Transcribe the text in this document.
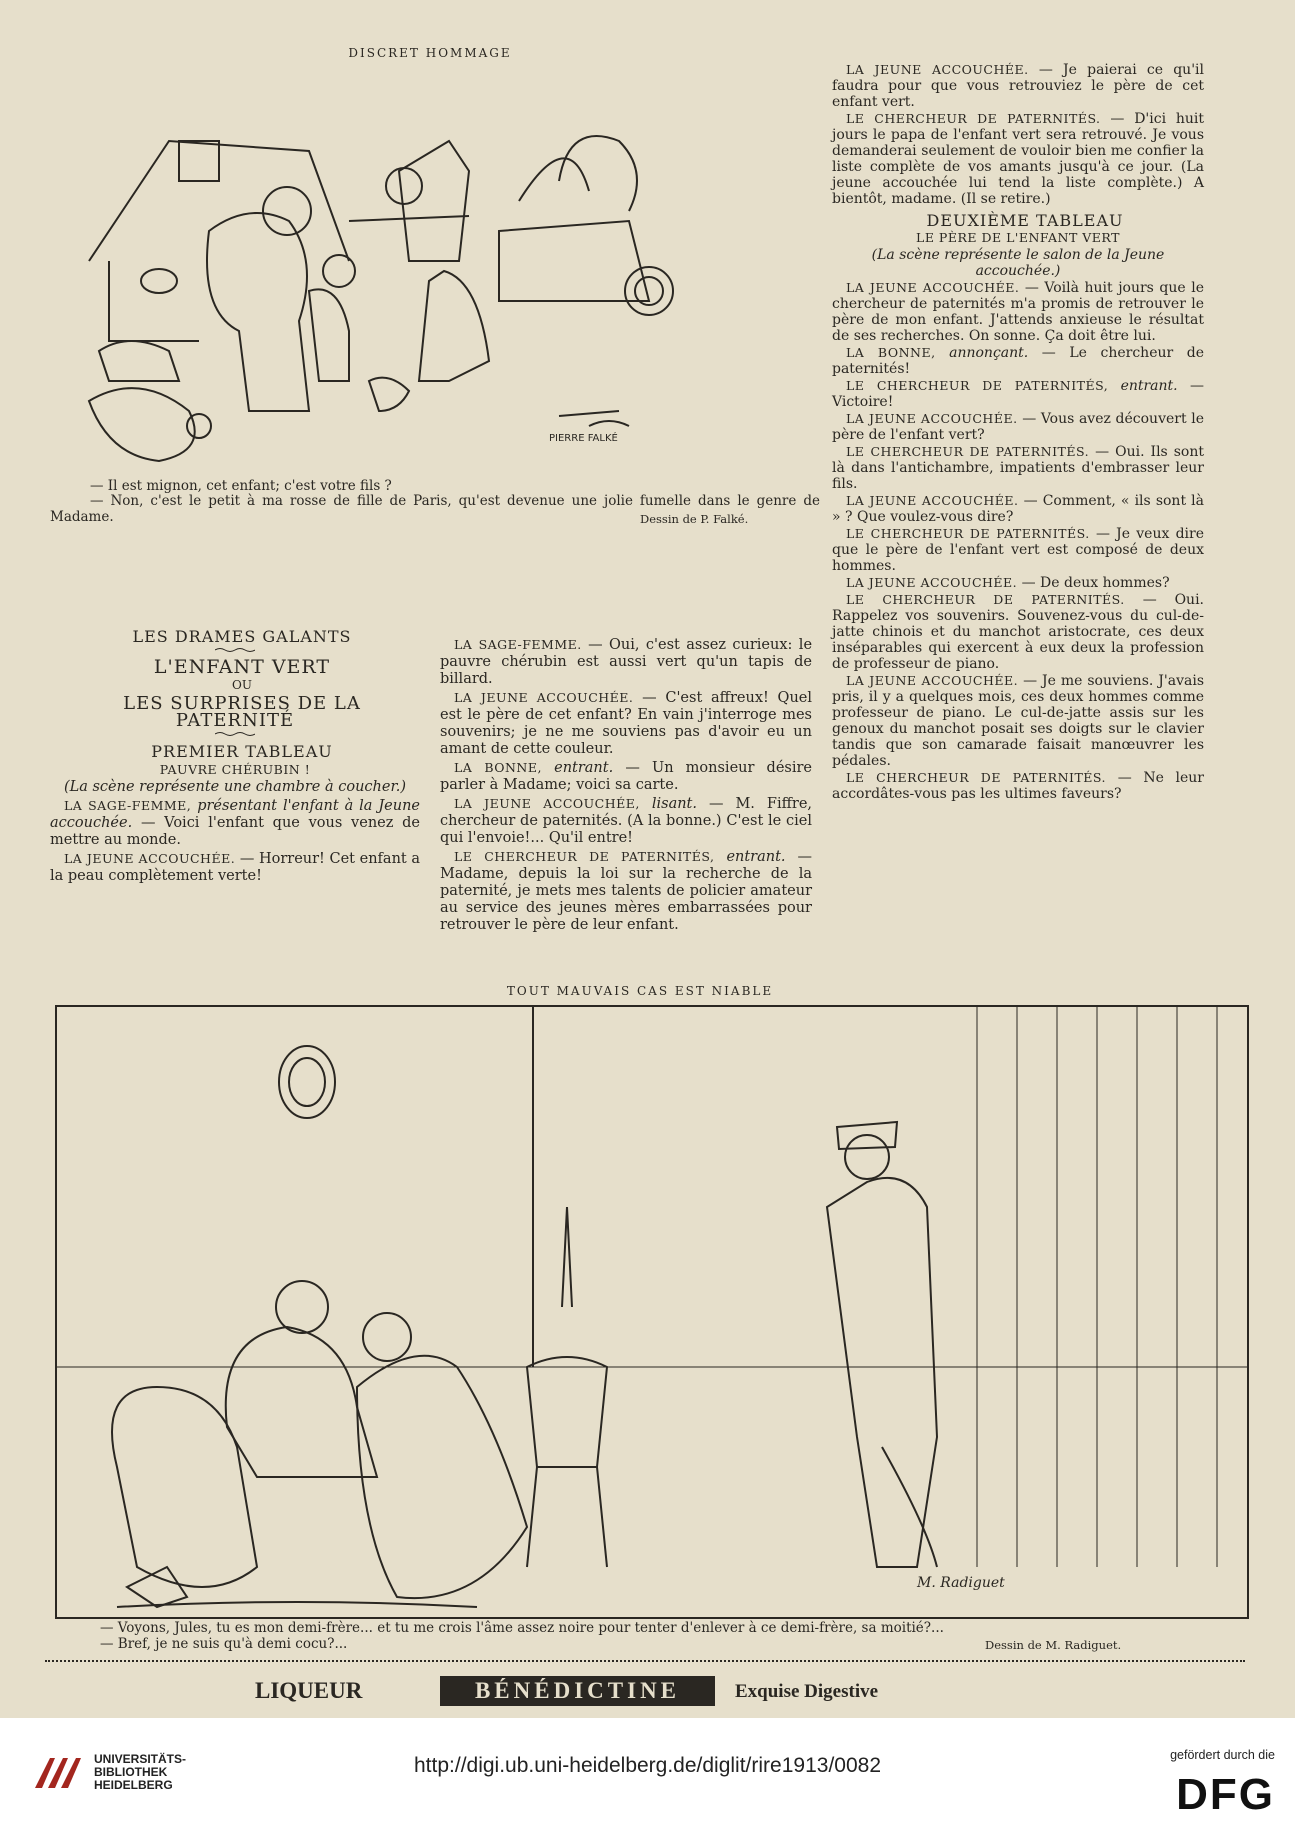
DISCRET HOMMAGE
PIERRE FALKÉ
— Il est mignon, cet enfant; c'est votre fils ?
— Non, c'est le petit à ma rosse de fille de Paris, qu'est devenue une jolie fumelle dans le genre de Madame.	Dessin de P. Falké.

LES DRAMES GALANTS

L'ENFANT VERT

OU

LES SURPRISES DE LA PATERNITÉ

PREMIER TABLEAU

PAUVRE CHÉRUBIN !

(La scène représente une chambre à coucher.)

LA SAGE-FEMME, présentant l'enfant à la Jeune accouchée. — Voici l'enfant que vous venez de mettre au monde.

LA JEUNE ACCOUCHÉE. — Horreur! Cet enfant a la peau complètement verte!

LA SAGE-FEMME. — Oui, c'est assez curieux: le pauvre chérubin est aussi vert qu'un tapis de billard.

LA JEUNE ACCOUCHÉE. — C'est affreux! Quel est le père de cet enfant? En vain j'interroge mes souvenirs; je ne me souviens pas d'avoir eu un amant de cette couleur.

LA BONNE, entrant. — Un monsieur désire parler à Madame; voici sa carte.

LA JEUNE ACCOUCHÉE, lisant. — M. Fiffre, chercheur de paternités. (A la bonne.) C'est le ciel qui l'envoie!... Qu'il entre!

LE CHERCHEUR DE PATERNITÉS, entrant. — Madame, depuis la loi sur la recherche de la paternité, je mets mes talents de policier amateur au service des jeunes mères embarrassées pour retrouver le père de leur enfant.

LA JEUNE ACCOUCHÉE. — Je paierai ce qu'il faudra pour que vous retrouviez le père de cet enfant vert.

LE CHERCHEUR DE PATERNITÉS. — D'ici huit jours le papa de l'enfant vert sera retrouvé. Je vous demanderai seulement de vouloir bien me confier la liste complète de vos amants jusqu'à ce jour. (La jeune accouchée lui tend la liste complète.) A bientôt, madame. (Il se retire.)

DEUXIÈME TABLEAU

LE PÈRE DE L'ENFANT VERT

(La scène représente le salon de la Jeune accouchée.)

LA JEUNE ACCOUCHÉE. — Voilà huit jours que le chercheur de paternités m'a promis de retrouver le père de mon enfant. J'attends anxieuse le résultat de ses recherches. On sonne. Ça doit être lui.

LA BONNE, annonçant. — Le chercheur de paternités!

LE CHERCHEUR DE PATERNITÉS, entrant. — Victoire!

LA JEUNE ACCOUCHÉE. — Vous avez découvert le père de l'enfant vert?

LE CHERCHEUR DE PATERNITÉS. — Oui. Ils sont là dans l'antichambre, impatients d'embrasser leur fils.

LA JEUNE ACCOUCHÉE. — Comment, « ils sont là » ? Que voulez-vous dire?

LE CHERCHEUR DE PATERNITÉS. — Je veux dire que le père de l'enfant vert est composé de deux hommes.

LA JEUNE ACCOUCHÉE. — De deux hommes?

LE CHERCHEUR DE PATERNITÉS. — Oui. Rappelez vos souvenirs. Souvenez-vous du cul-de-jatte chinois et du manchot aristocrate, ces deux inséparables qui exercent à eux deux la profession de professeur de piano.

LA JEUNE ACCOUCHÉE. — Je me souviens. J'avais pris, il y a quelques mois, ces deux hommes comme professeur de piano. Le cul-de-jatte assis sur les genoux du manchot posait ses doigts sur le clavier tandis que son camarade faisait manœuvrer les pédales.

LE CHERCHEUR DE PATERNITÉS. — Ne leur accordâtes-vous pas les ultimes faveurs?

TOUT MAUVAIS CAS EST NIABLE
M. Radiguet
— Voyons, Jules, tu es mon demi-frère... et tu me crois l'âme assez noire pour tenter d'enlever à ce demi-frère, sa moitié?...
— Bref, je ne suis qu'à demi cocu?...	Dessin de M. Radiguet.
LIQUEUR	BÉNÉDICTINE	Exquise Digestive
UNIVERSITÄTS-
BIBLIOTHEK
HEIDELBERG
http://digi.ub.uni-heidelberg.de/diglit/rire1913/0082	gefördert durch die
DFG
